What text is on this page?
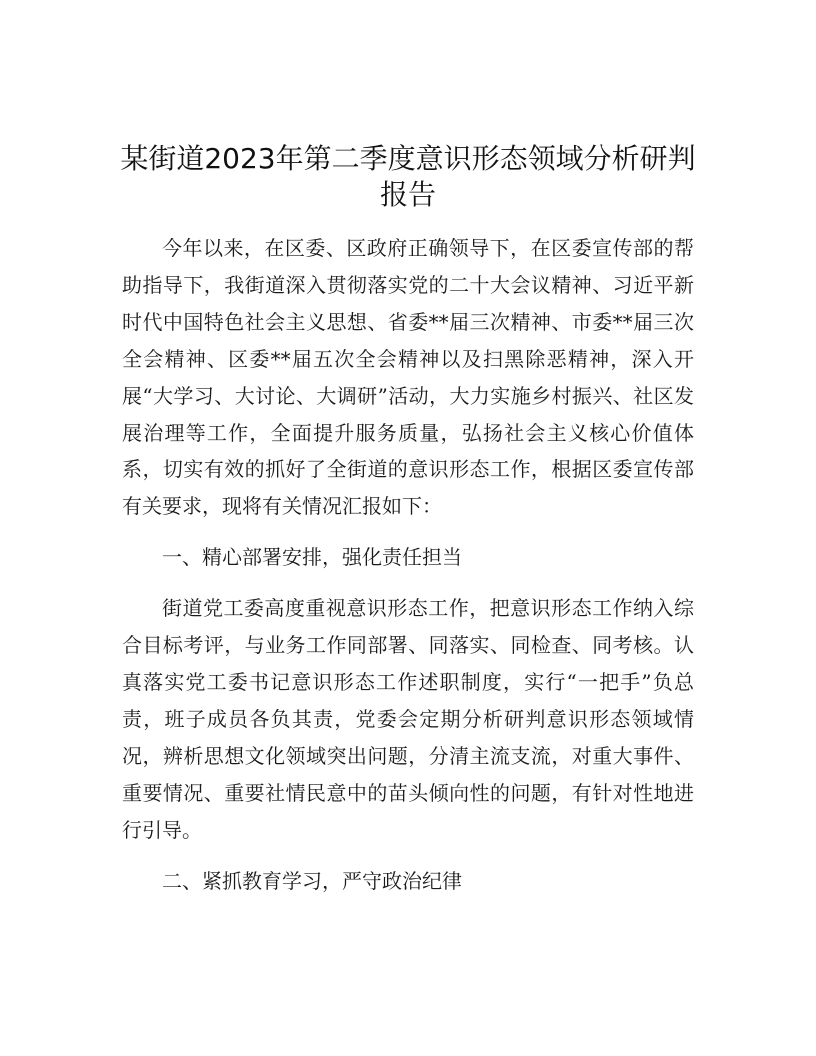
某街道2023年第二季度意识形态领域分析研判
报告

今年以来，在区委、区政府正确领导下，在区委宣传部的帮助指导下，我街道深入贯彻落实党的二十大会议精神、习近平新时代中国特色社会主义思想、省委**届三次精神、市委**届三次全会精神、区委**届五次全会精神以及扫黑除恶精神，深入开展“大学习、大讨论、大调研”活动，大力实施乡村振兴、社区发展治理等工作，全面提升服务质量，弘扬社会主义核心价值体系，切实有效的抓好了全街道的意识形态工作，根据区委宣传部有关要求，现将有关情况汇报如下：

一、精心部署安排，强化责任担当

街道党工委高度重视意识形态工作，把意识形态工作纳入综合目标考评，与业务工作同部署、同落实、同检查、同考核。认真落实党工委书记意识形态工作述职制度，实行“一把手”负总责，班子成员各负其责，党委会定期分析研判意识形态领域情况，辨析思想文化领域突出问题，分清主流支流，对重大事件、重要情况、重要社情民意中的苗头倾向性的问题，有针对性地进行引导。

二、紧抓教育学习，严守政治纪律
